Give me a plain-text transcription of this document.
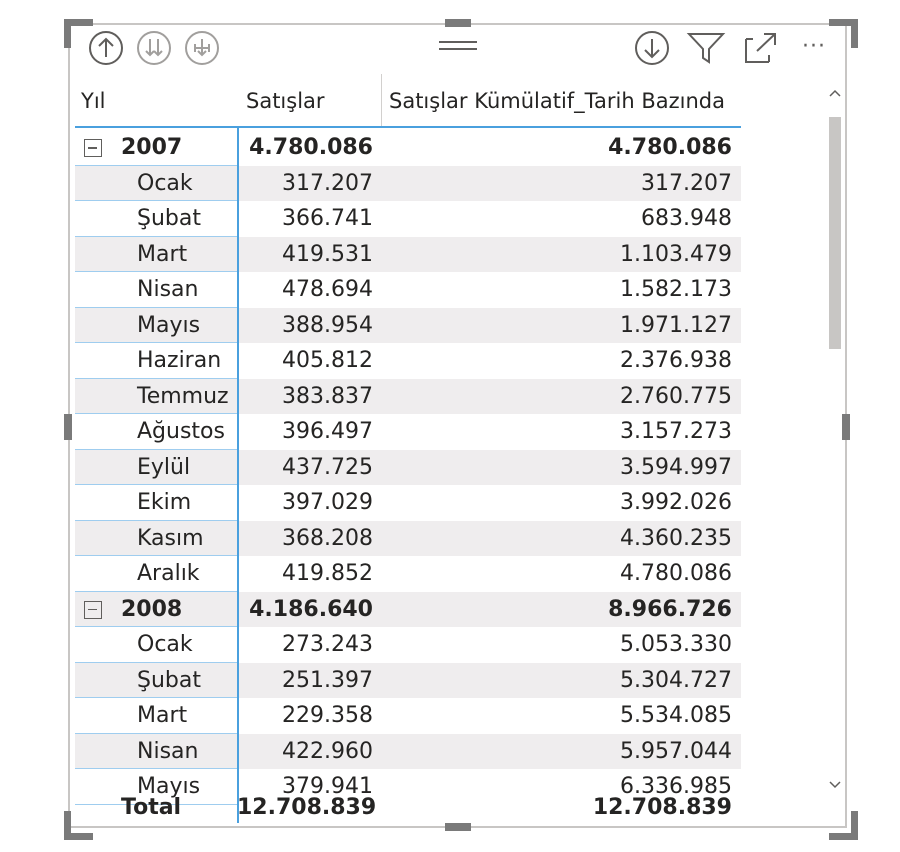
···
Yıl	Satışlar	Satışlar Kümülatif_Tarih Bazında
2007	4.780.086	4.780.086
Ocak	317.207	317.207
Şubat	366.741	683.948
Mart	419.531	1.103.479
Nisan	478.694	1.582.173
Mayıs	388.954	1.971.127
Haziran	405.812	2.376.938
Temmuz	383.837	2.760.775
Ağustos	396.497	3.157.273
Eylül	437.725	3.594.997
Ekim	397.029	3.992.026
Kasım	368.208	4.360.235
Aralık	419.852	4.780.086
2008	4.186.640	8.966.726
Ocak	273.243	5.053.330
Şubat	251.397	5.304.727
Mart	229.358	5.534.085
Nisan	422.960	5.957.044
Mayıs	379.941	6.336.985
Total	12.708.839	12.708.839
